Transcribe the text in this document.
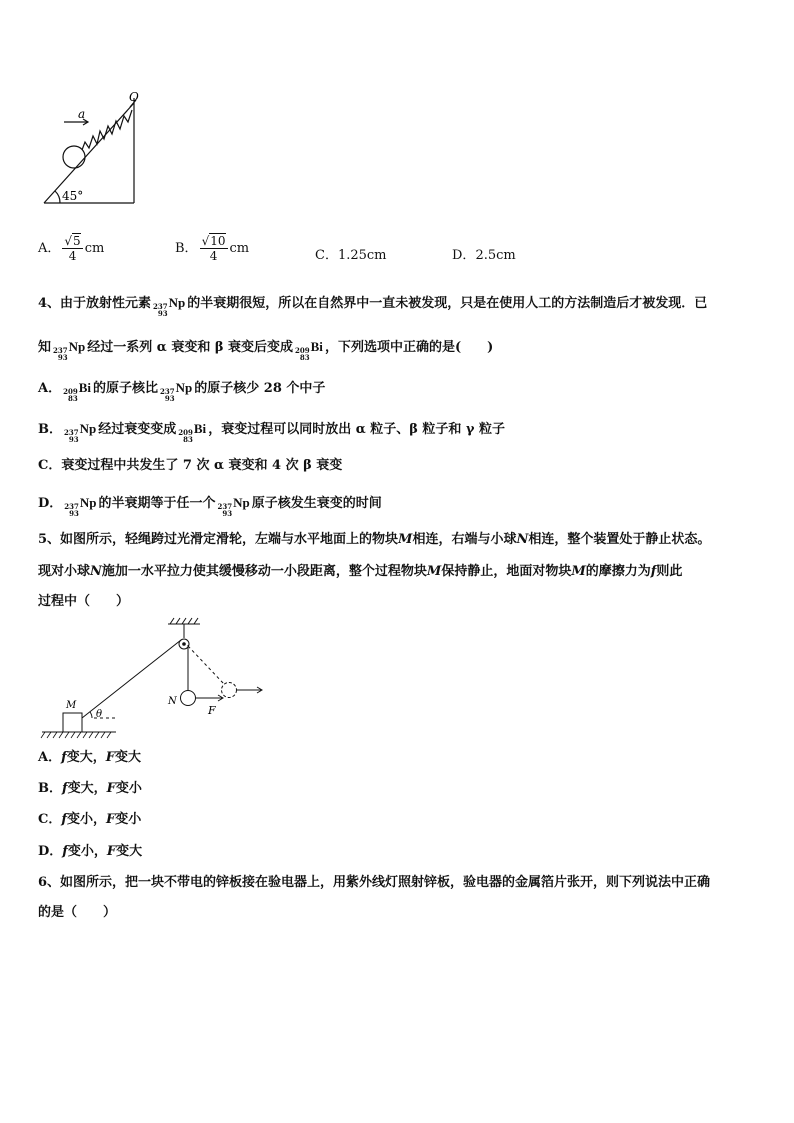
a
O
45°
A． $\frac{√5}{4}$ cm	B． $\frac{√10}{4}$ cm	C．1.25cm	D．2.5cm
4、由于放射性元素 237
93
Np 的半衰期很短，所以在自然界中一直未被发现，只是在使用人工的方法制造后才被发现．已
知 237
93
Np 经过一系列 α 衰变和 β 衰变后变成 209
83
Bi ，下列选项中正确的是(　　)
A． 209
83
Bi 的原子核比 237
93
Np 的原子核少 28 个中子
B． 237
93
Np 经过衰变变成 209
83
Bi ，衰变过程可以同时放出 α 粒子、β 粒子和 γ 粒子
C．衰变过程中共发生了 7 次 α 衰变和 4 次 β 衰变
D． 237
93
Np 的半衰期等于任一个 237
93
Np 原子核发生衰变的时间
5、如图所示，轻绳跨过光滑定滑轮，左端与水平地面上的物块M相连，右端与小球N相连，整个装置处于静止状态。
现对小球N施加一水平拉力使其缓慢移动一小段距离，整个过程物块M保持静止，地面对物块M的摩擦力为f则此
过程中（　　）
M	N
F
θ
A．f变大，F变大
B．f变大，F变小
C．f变小，F变小
D．f变小，F变大
6、如图所示，把一块不带电的锌板接在验电器上，用紫外线灯照射锌板，验电器的金属箔片张开，则下列说法中正确
的是（　　）
